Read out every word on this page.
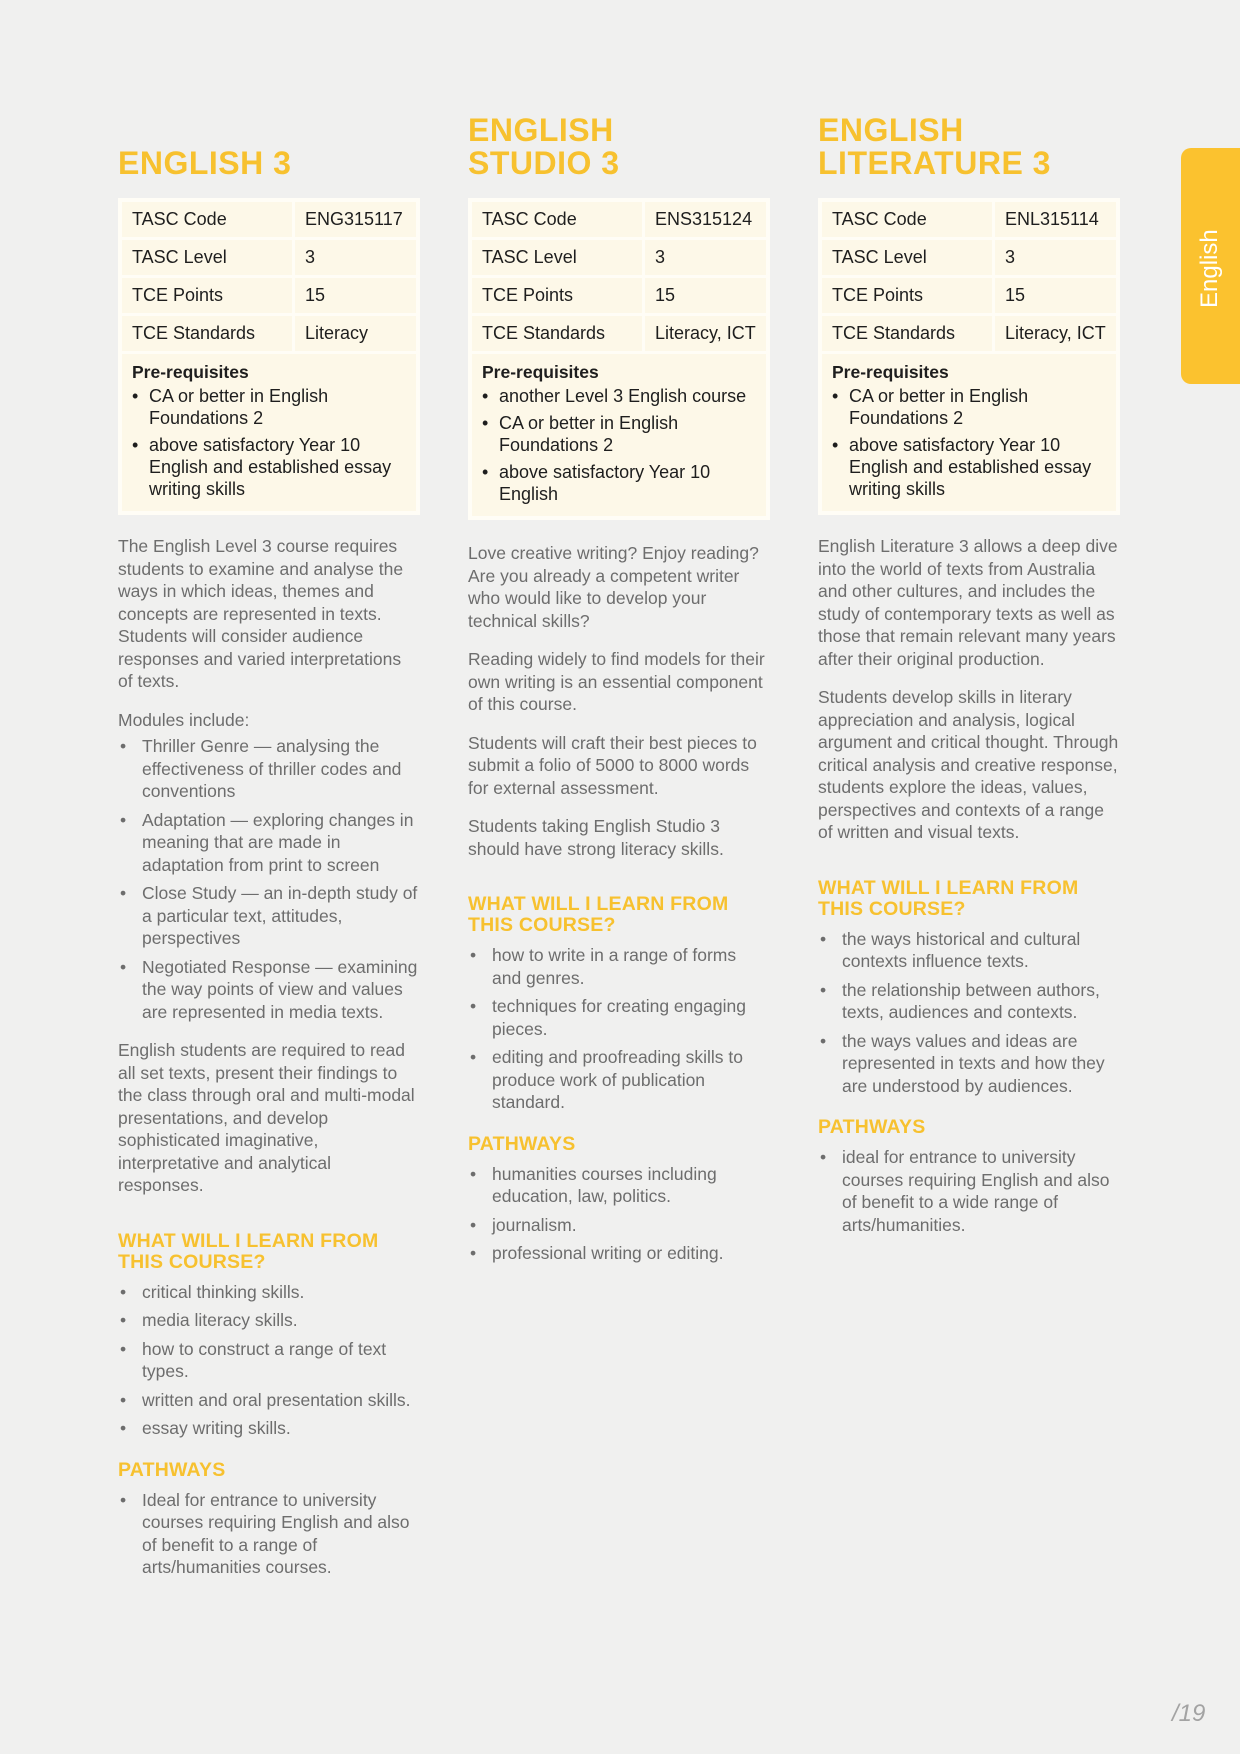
ENGLISH 3
TASC Code	ENG315117
TASC Level	3
TCE Points	15
TCE Standards	Literacy
Pre-requisites
• CA or better in English Foundations 2
• above satisfactory Year 10 English and established essay writing skills

The English Level 3 course requires students to examine and analyse the ways in which ideas, themes and concepts are represented in texts. Students will consider audience responses and varied interpretations of texts.

Modules include:

• Thriller Genre — analysing the effectiveness of thriller codes and conventions
• Adaptation — exploring changes in meaning that are made in adaptation from print to screen
• Close Study — an in-depth study of a particular text, attitudes, perspectives
• Negotiated Response — examining the way points of view and values are represented in media texts.

English students are required to read all set texts, present their findings to the class through oral and multi-modal presentations, and develop sophisticated imaginative, interpretative and analytical responses.

WHAT WILL I LEARN FROM THIS COURSE?
• critical thinking skills.
• media literacy skills.
• how to construct a range of text types.
• written and oral presentation skills.
• essay writing skills.
PATHWAYS
• Ideal for entrance to university courses requiring English and also of benefit to a range of arts/humanities courses.
ENGLISH
STUDIO 3
TASC Code	ENS315124
TASC Level	3
TCE Points	15
TCE Standards	Literacy, ICT
Pre-requisites
• another Level 3 English course
• CA or better in English Foundations 2
• above satisfactory Year 10 English

Love creative writing? Enjoy reading? Are you already a competent writer who would like to develop your technical skills?

Reading widely to find models for their own writing is an essential component of this course.

Students will craft their best pieces to submit a folio of 5000 to 8000 words for external assessment.

Students taking English Studio 3 should have strong literacy skills.

WHAT WILL I LEARN FROM THIS COURSE?
• how to write in a range of forms and genres.
• techniques for creating engaging pieces.
• editing and proofreading skills to produce work of publication standard.
PATHWAYS
• humanities courses including education, law, politics.
• journalism.
• professional writing or editing.
ENGLISH
LITERATURE 3
TASC Code	ENL315114
TASC Level	3
TCE Points	15
TCE Standards	Literacy, ICT
Pre-requisites
• CA or better in English Foundations 2
• above satisfactory Year 10 English and established essay writing skills

English Literature 3 allows a deep dive into the world of texts from Australia and other cultures, and includes the study of contemporary texts as well as those that remain relevant many years after their original production.

Students develop skills in literary appreciation and analysis, logical argument and critical thought. Through critical analysis and creative response, students explore the ideas, values, perspectives and contexts of a range of written and visual texts.

WHAT WILL I LEARN FROM THIS COURSE?
• the ways historical and cultural contexts influence texts.
• the relationship between authors, texts, audiences and contexts.
• the ways values and ideas are represented in texts and how they are understood by audiences.
PATHWAYS
• ideal for entrance to university courses requiring English and also of benefit to a wide range of arts/humanities.
English
/19
